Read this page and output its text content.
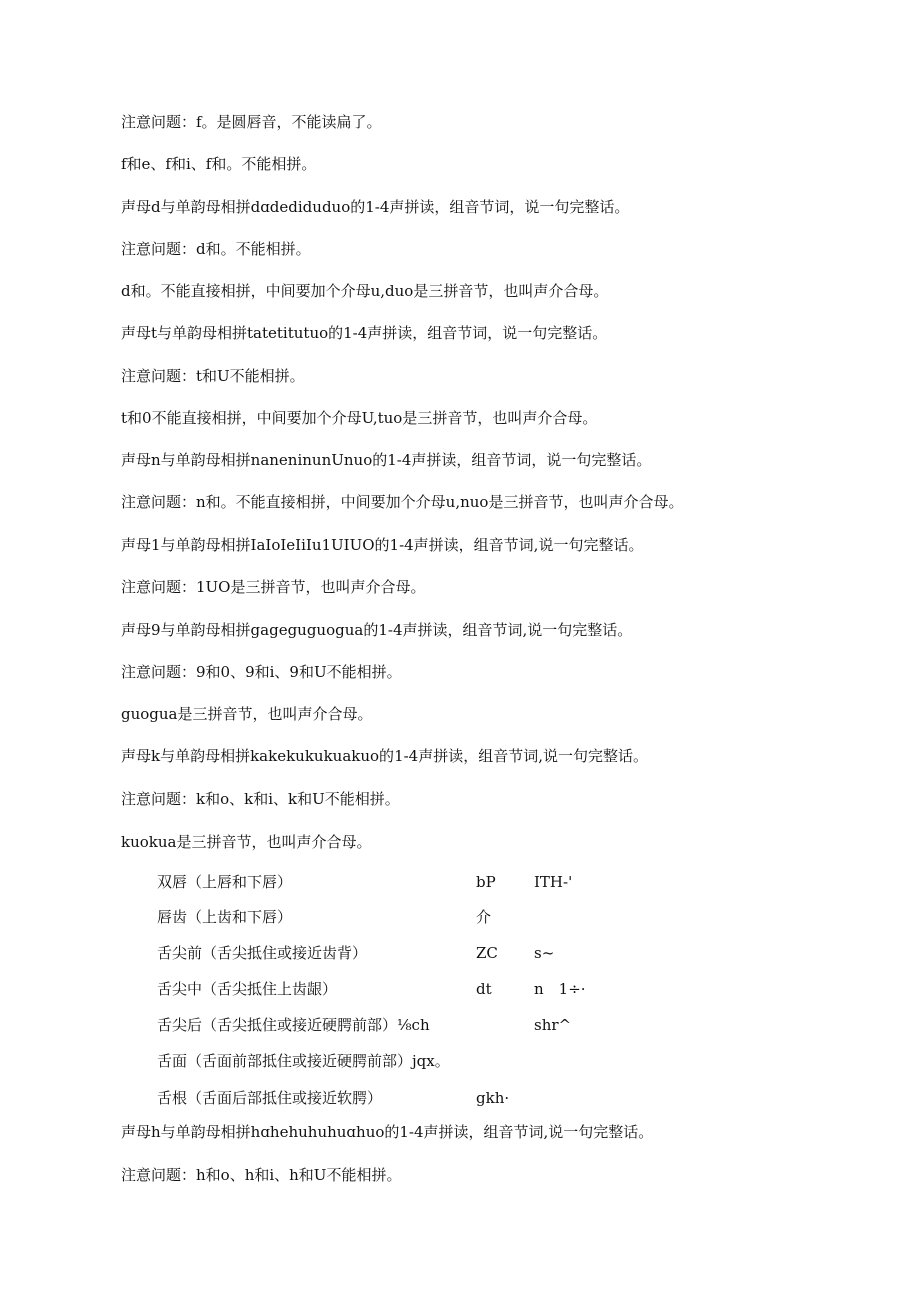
注意问题：f。是圆唇音，不能读扁了。
f和e、f和i、f和。不能相拼。
声母d与单韵母相拼dɑdediduduo的1-4声拼读，组音节词，说一句完整话。
注意问题：d和。不能相拼。
d和。不能直接相拼，中间要加个介母u,duo是三拼音节，也叫声介合母。
声母t与单韵母相拼tatetitutuo的1-4声拼读，组音节词，说一句完整话。
注意问题：t和U不能相拼。
t和0不能直接相拼，中间要加个介母U,tuo是三拼音节，也叫声介合母。
声母n与单韵母相拼naneninunUnuo的1-4声拼读，组音节词，说一句完整话。
注意问题：n和。不能直接相拼，中间要加个介母u,nuo是三拼音节，也叫声介合母。
声母1与单韵母相拼IaIoIeIiIu1UIUO的1-4声拼读，组音节词,说一句完整话。
注意问题：1UO是三拼音节，也叫声介合母。
声母9与单韵母相拼gageguguogua的1-4声拼读，组音节词,说一句完整话。
注意问题：9和0、9和i、9和U不能相拼。
guogua是三拼音节，也叫声介合母。
声母k与单韵母相拼kakekukukuakuo的1-4声拼读，组音节词,说一句完整话。
注意问题：k和o、k和i、k和U不能相拼。
kuokua是三拼音节，也叫声介合母。
双唇（上唇和下唇）	bP	ITH-'
唇齿（上齿和下唇）	介
舌尖前（舌尖抵住或接近齿背）	ZC s~
舌尖中（舌尖抵住上齿龈）	dt	n　1÷·
舌尖后（舌尖抵住或接近硬腭前部）⅛ch	shr^
舌面（舌面前部抵住或接近硬腭前部）jqx。
舌根（舌面后部抵住或接近软腭）	gkh·
声母h与单韵母相拼hɑhehuhuhuɑhuo的1-4声拼读，组音节词,说一句完整话。
注意问题：h和o、h和i、h和U不能相拼。
